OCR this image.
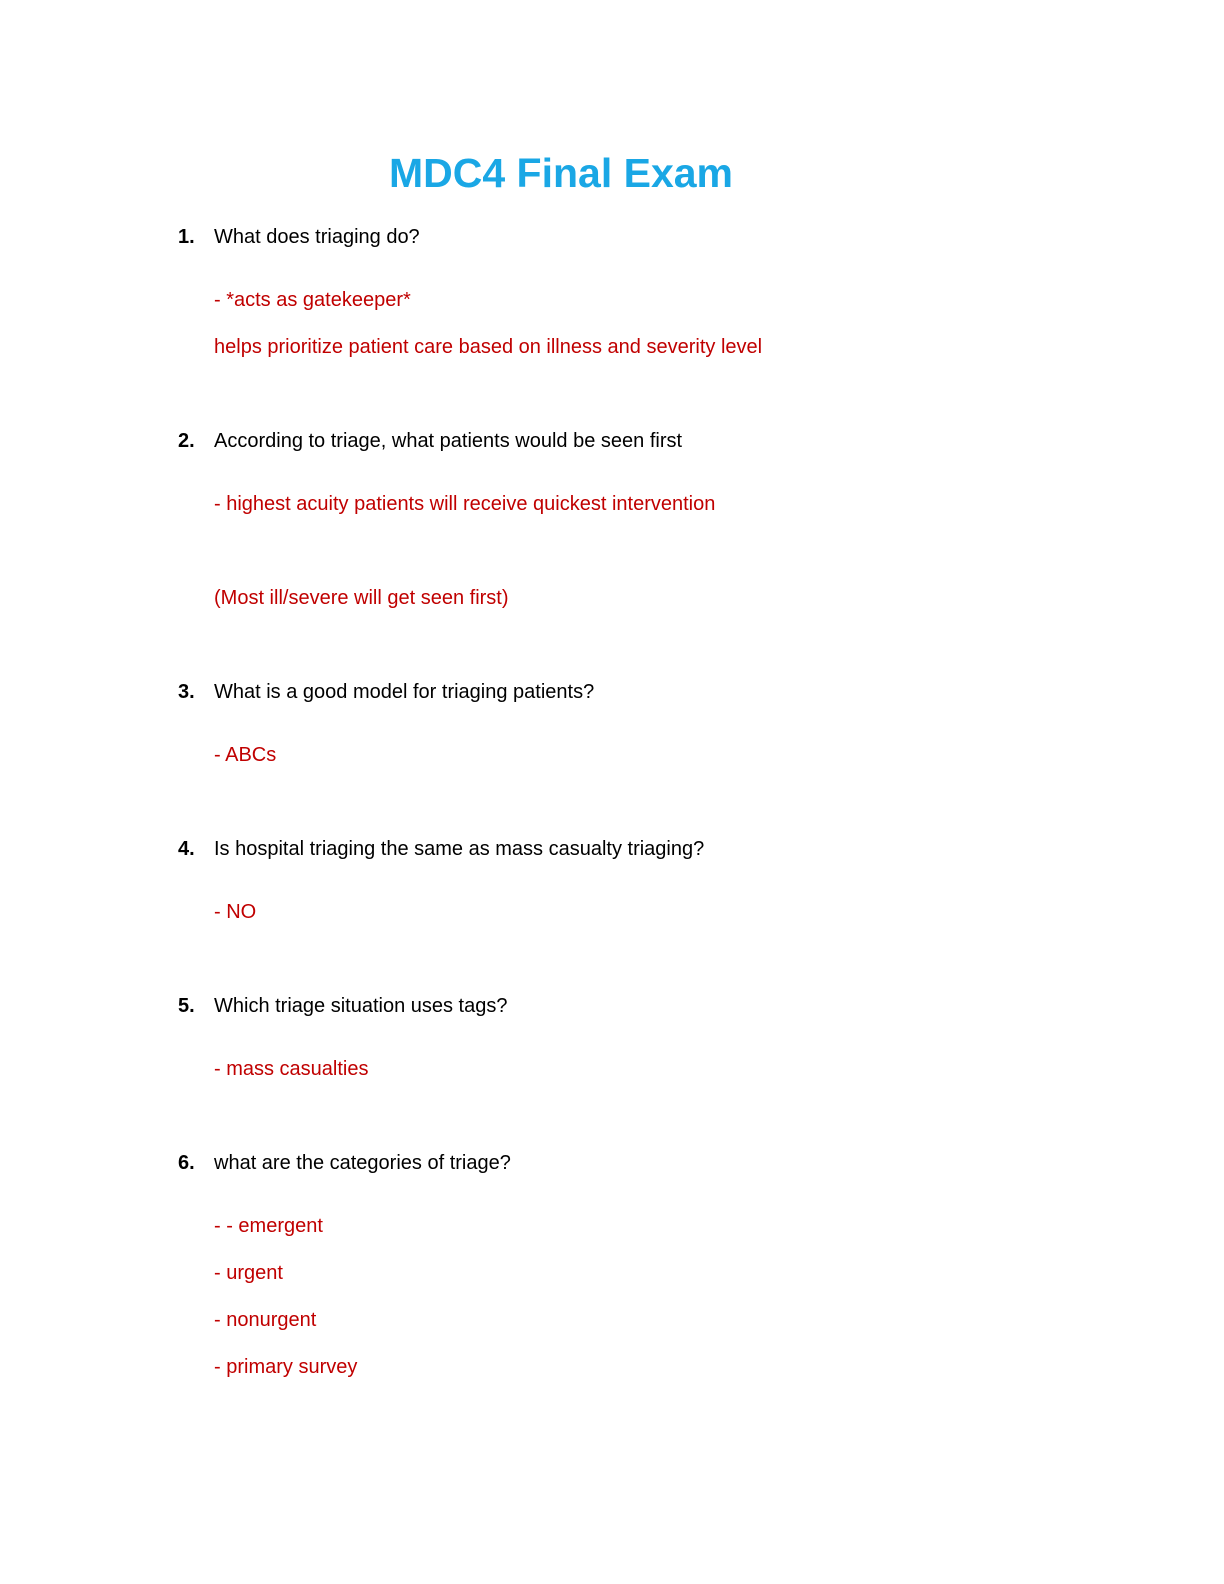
MDC4 Final Exam
1. What does triaging do?
- *acts as gatekeeper*
helps prioritize patient care based on illness and severity level
2. According to triage, what patients would be seen first
- highest acuity patients will receive quickest intervention
(Most ill/severe will get seen first)
3. What is a good model for triaging patients?
- ABCs
4. Is hospital triaging the same as mass casualty triaging?
- NO
5. Which triage situation uses tags?
- mass casualties
6. what are the categories of triage?
- - emergent
- urgent
- nonurgent
- primary survey
